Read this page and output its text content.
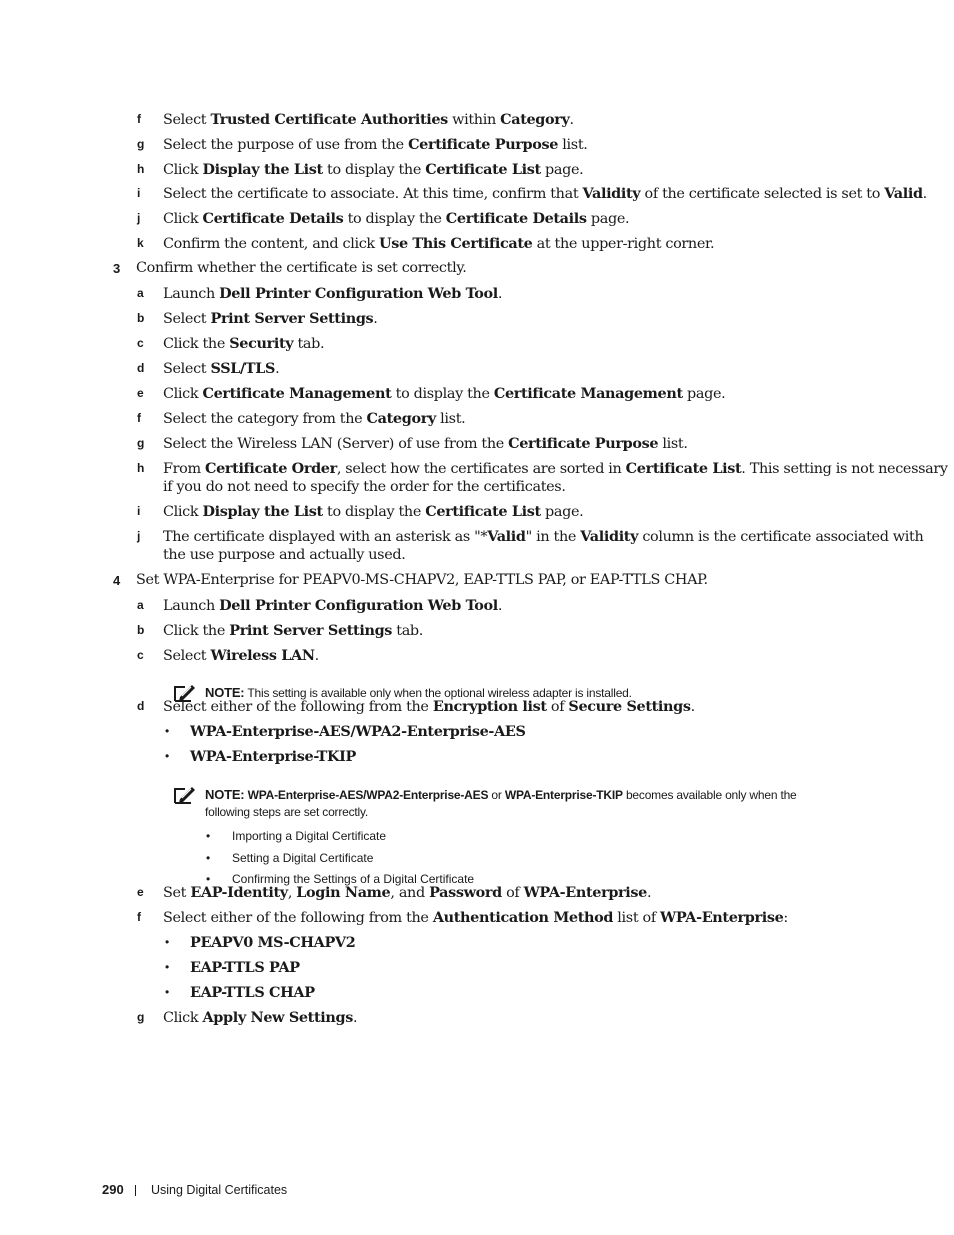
f Select Trusted Certificate Authorities within Category.
g Select the purpose of use from the Certificate Purpose list.
h Click Display the List to display the Certificate List page.
i Select the certificate to associate. At this time, confirm that Validity of the certificate selected is set to Valid.
j Click Certificate Details to display the Certificate Details page.
k Confirm the content, and click Use This Certificate at the upper-right corner.
3 Confirm whether the certificate is set correctly.
a Launch Dell Printer Configuration Web Tool.
b Select Print Server Settings.
c Click the Security tab.
d Select SSL/TLS.
e Click Certificate Management to display the Certificate Management page.
f Select the category from the Category list.
g Select the Wireless LAN (Server) of use from the Certificate Purpose list.
h From Certificate Order, select how the certificates are sorted in Certificate List. This setting is not necessary
if you do not need to specify the order for the certificates.
i Click Display the List to display the Certificate List page.
j The certificate displayed with an asterisk as "*Valid" in the Validity column is the certificate associated with
the use purpose and actually used.
4 Set WPA-Enterprise for PEAPV0-MS-CHAPV2, EAP-TTLS PAP, or EAP-TTLS CHAP.
a Launch Dell Printer Configuration Web Tool.
b Click the Print Server Settings tab.
c Select Wireless LAN.
d Select either of the following from the Encryption list of Secure Settings.
• WPA-Enterprise-AES/WPA2-Enterprise-AES
• WPA-Enterprise-TKIP
e Set EAP-Identity, Login Name, and Password of WPA-Enterprise.
f Select either of the following from the Authentication Method list of WPA-Enterprise:
• PEAPV0 MS-CHAPV2
• EAP-TTLS PAP
• EAP-TTLS CHAP
g Click Apply New Settings.
NOTE: This setting is available only when the optional wireless adapter is installed.
NOTE: WPA-Enterprise-AES/WPA2-Enterprise-AES or WPA-Enterprise-TKIP becomes available only when the
following steps are set correctly.
• Importing a Digital Certificate
• Setting a Digital Certificate
• Confirming the Settings of a Digital Certificate
290 Using Digital Certificates
